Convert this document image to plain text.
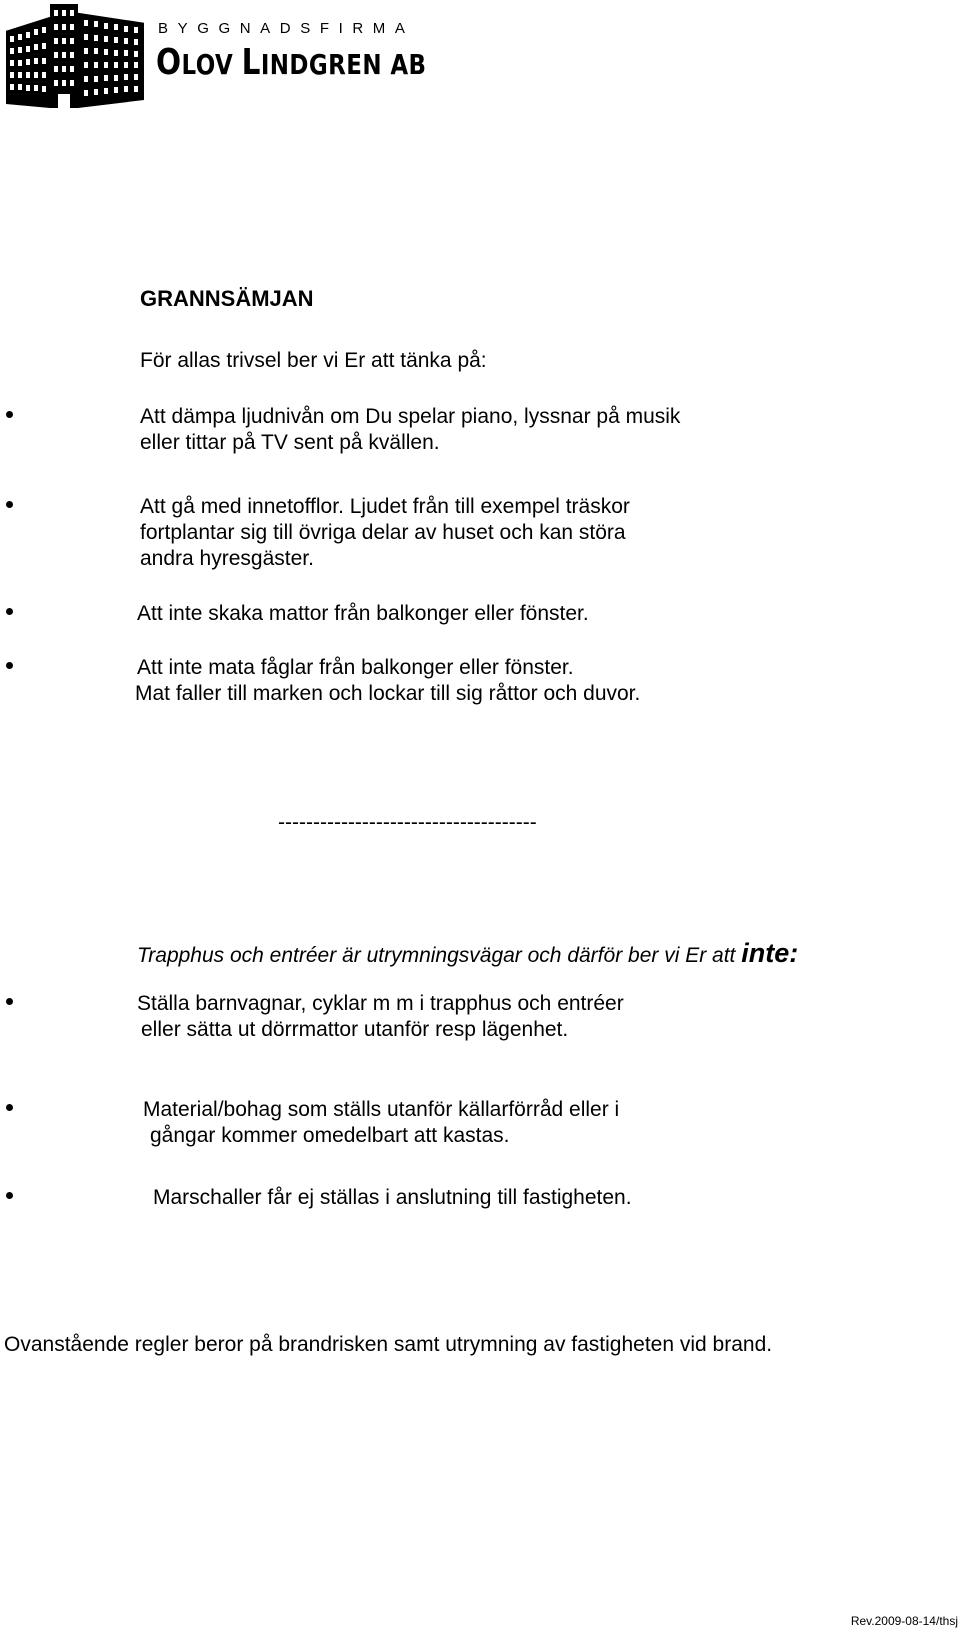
BYGGNADSFIRMA
OLOV LINDGREN AB
GRANNSÄMJAN
För allas trivsel ber vi Er att tänka på:
Att dämpa ljudnivån om Du spelar piano, lyssnar på musik
eller tittar på TV sent på kvällen.
Att gå med innetofflor. Ljudet från till exempel träskor
fortplantar sig till övriga delar av huset och kan störa
andra hyresgäster.
Att inte skaka mattor från balkonger eller fönster.
Att inte mata fåglar från balkonger eller fönster.
Mat faller till marken och lockar till sig råttor och duvor.
-------------------------------------
Trapphus och entréer är utrymningsvägar och därför ber vi Er att inte:
Ställa barnvagnar, cyklar m m i trapphus och entréer
eller sätta ut dörrmattor utanför resp lägenhet.
Material/bohag som ställs utanför källarförråd eller i
gångar kommer omedelbart att kastas.
Marschaller får ej ställas i anslutning till fastigheten.
Ovanstående regler beror på brandrisken samt utrymning av fastigheten vid brand.
Rev.2009-08-14/thsj
